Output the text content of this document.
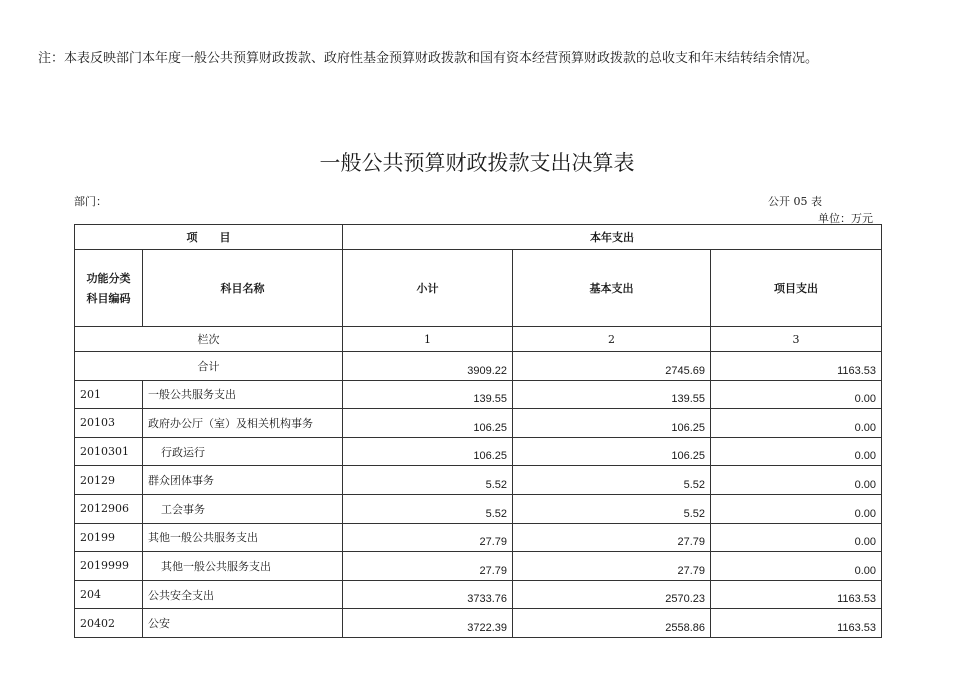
注：本表反映部门本年度一般公共预算财政拨款、政府性基金预算财政拨款和国有资本经营预算财政拨款的总收支和年末结转结余情况。
一般公共预算财政拨款支出决算表
部门：	公开 05 表
单位：万元
项　　目		本年支出		

功能分类
科目编码	科目名称	小计	基本支出	项目支出
栏次		1	2	3
合计		3909.22	2745.69	1163.53
201	一般公共服务支出	139.55	139.55	0.00
20103	政府办公厅（室）及相关机构事务	106.25	106.25	0.00
2010301	行政运行	106.25	106.25	0.00
20129	群众团体事务	5.52	5.52	0.00
2012906	工会事务	5.52	5.52	0.00
20199	其他一般公共服务支出	27.79	27.79	0.00
2019999	其他一般公共服务支出	27.79	27.79	0.00
204	公共安全支出	3733.76	2570.23	1163.53
20402	公安	3722.39	2558.86	1163.53
